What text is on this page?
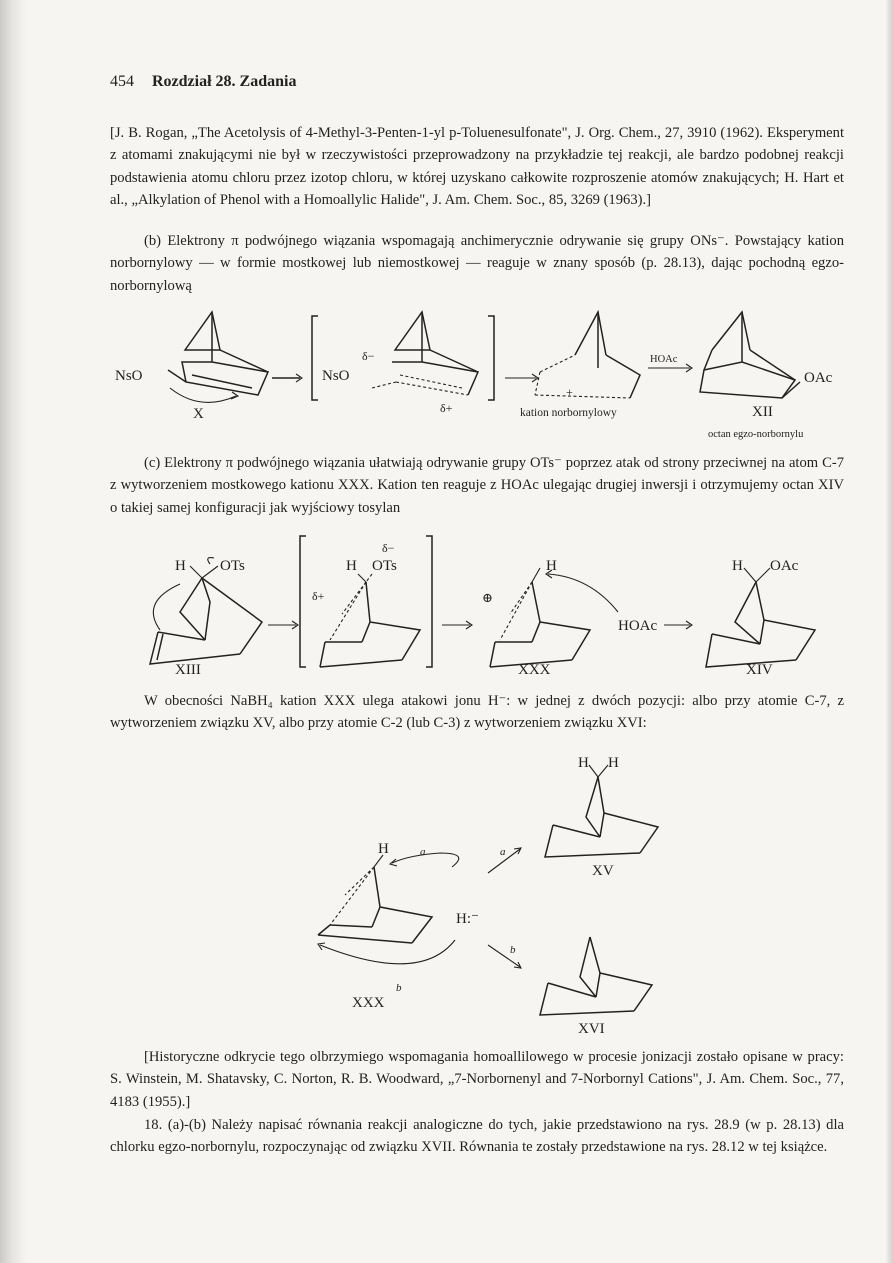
454 Rozdział 28. Zadania

[J. B. Rogan, „The Acetolysis of 4-Methyl-3-Penten-1-yl p-Toluenesulfonate", J. Org. Chem., 27, 3910 (1962). Eksperyment z atomami znakującymi nie był w rzeczywistości przeprowadzony na przykładzie tej reakcji, ale bardzo podobnej reakcji podstawienia atomu chloru przez izotop chloru, w której uzyskano całkowite rozproszenie atomów znakujących; H. Hart et al., „Alkylation of Phenol with a Homoallylic Halide", J. Am. Chem. Soc., 85, 3269 (1963).]

(b) Elektrony π podwójnego wiązania wspomagają anchimerycznie odrywanie się grupy ONs⁻. Powstający kation norbornylowy — w formie mostkowej lub niemostkowej — reaguje w znany sposób (p. 28.13), dając pochodną egzo-norbornylową

NsO
X
δ−
NsO
δ+
+
kation norbornylowy
HOAc
OAc
XII
octan egzo-norbornylu

(c) Elektrony π podwójnego wiązania ułatwiają odrywanie grupy OTs⁻ poprzez atak od strony przeciwnej na atom C-7 z wytworzeniem mostkowego kationu XXX. Kation ten reaguje z HOAc ulegając drugiej inwersji i otrzymujemy octan XIV o takiej samej konfiguracji jak wyjściowy tosylan

H OTs
XIII
δ−
H OTs
δ+
H
⊕
XXX
HOAc
H OAc
XIV

W obecności NaBH₄ kation XXX ulega atakowi jonu H⁻: w jednej z dwóch pozycji: albo przy atomie C-7, z wytworzeniem związku XV, albo przy atomie C-2 (lub C-3) z wytworzeniem związku XVI:

H H
XV
a
H	a
H:⁻
b
XXX
b
XVI

[Historyczne odkrycie tego olbrzymiego wspomagania homoallilowego w procesie jonizacji zostało opisane w pracy: S. Winstein, M. Shatavsky, C. Norton, R. B. Woodward, „7-Norbornenyl and 7-Norbornyl Cations", J. Am. Chem. Soc., 77, 4183 (1955).]

18. (a)-(b) Należy napisać równania reakcji analogiczne do tych, jakie przedstawiono na rys. 28.9 (w p. 28.13) dla chlorku egzo-norbornylu, rozpoczynając od związku XVII. Równania te zostały przedstawione na rys. 28.12 w tej książce.
